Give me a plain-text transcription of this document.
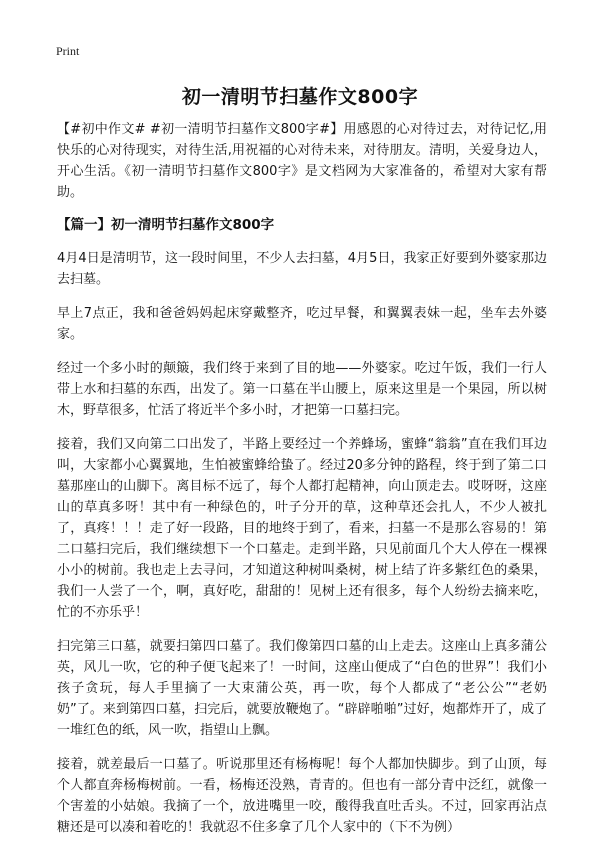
Print
初一清明节扫墓作文800字

【#初中作文# #初一清明节扫墓作文800字#】用感恩的心对待过去，对待记忆,用快乐的心对待现实，对待生活,用祝福的心对待未来，对待朋友。清明，关爱身边人，开心生活。《初一清明节扫墓作文800字》是文档网为大家准备的，希望对大家有帮助。

【篇一】初一清明节扫墓作文800字

4月4日是清明节，这一段时间里，不少人去扫墓，4月5日，我家正好要到外婆家那边去扫墓。

早上7点正，我和爸爸妈妈起床穿戴整齐，吃过早餐，和翼翼表妹一起，坐车去外婆家。

经过一个多小时的颠簸，我们终于来到了目的地——外婆家。吃过午饭，我们一行人带上水和扫墓的东西，出发了。第一口墓在半山腰上，原来这里是一个果园，所以树木，野草很多，忙活了将近半个多小时，才把第一口墓扫完。

接着，我们又向第二口出发了，半路上要经过一个养蜂场，蜜蜂“翁翁”直在我们耳边叫，大家都小心翼翼地，生怕被蜜蜂给蛰了。经过20多分钟的路程，终于到了第二口墓那座山的山脚下。离目标不远了，每个人都打起精神，向山顶走去。哎呀呀，这座山的草真多呀！其中有一种绿色的，叶子分开的草，这种草还会扎人，不少人被扎了，真疼！！！走了好一段路，目的地终于到了，看来，扫墓一不是那么容易的！第二口墓扫完后，我们继续想下一个口墓走。走到半路，只见前面几个大人停在一棵裸小小的树前。我也走上去寻问，才知道这种树叫桑树，树上结了许多紫红色的桑果，我们一人尝了一个，啊，真好吃，甜甜的！见树上还有很多，每个人纷纷去摘来吃，忙的不亦乐乎！

扫完第三口墓，就要扫第四口墓了。我们像第四口墓的山上走去。这座山上真多蒲公英，风儿一吹，它的种子便飞起来了！一时间，这座山便成了“白色的世界”！我们小孩子贪玩，每人手里摘了一大束蒲公英，再一吹，每个人都成了“老公公”“老奶奶”了。来到第四口墓，扫完后，就要放鞭炮了。“辟辟啪啪”过好，炮都炸开了，成了一堆红色的纸，风一吹，指望山上飘。

接着，就差最后一口墓了。听说那里还有杨梅呢！每个人都加快脚步。到了山顶，每个人都直奔杨梅树前。一看，杨梅还没熟，青青的。但也有一部分青中泛红，就像一个害羞的小姑娘。我摘了一个，放进嘴里一咬，酸得我直吐舌头。不过，回家再沾点糖还是可以凑和着吃的！我就忍不住多拿了几个人家中的（下不为例）
